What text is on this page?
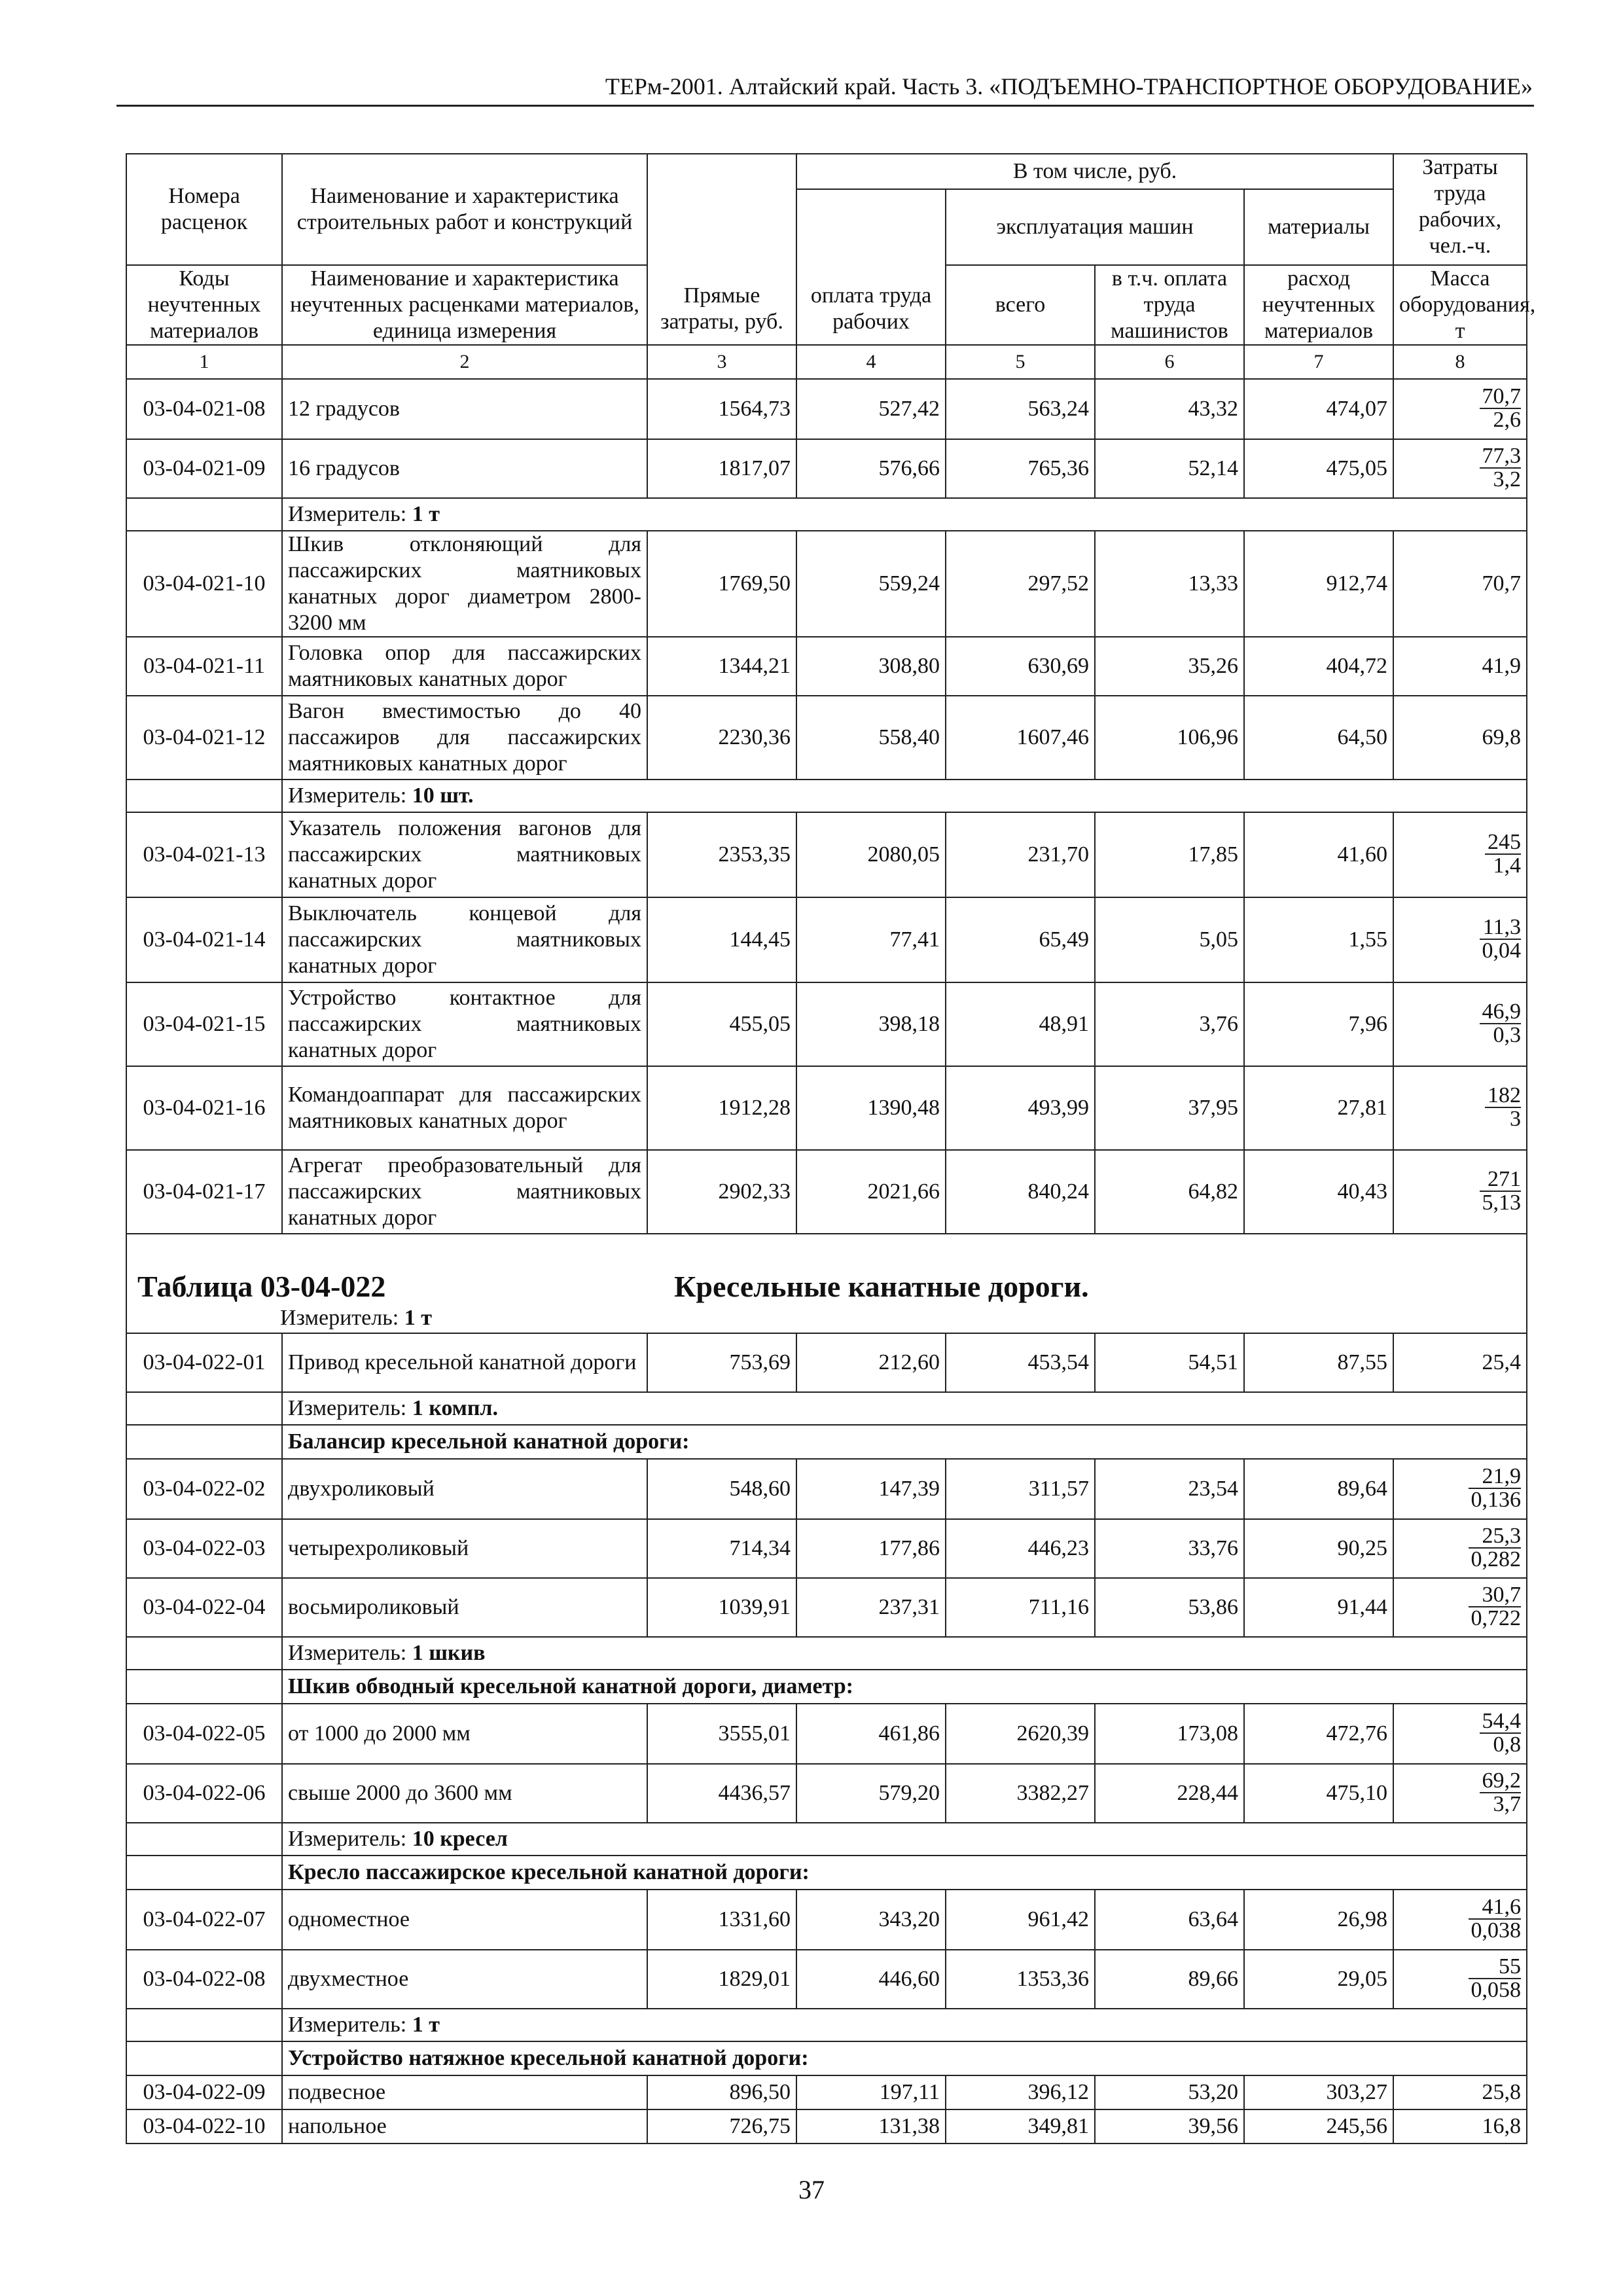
ТЕРм-2001. Алтайский край. Часть 3. «ПОДЪЕМНО-ТРАНСПОРТНОЕ ОБОРУДОВАНИЕ»
Номера расценок	Наименование и характеристика строительных работ и конструкций	Прямые затраты, руб.	В том числе, руб.				Затраты труда рабочих, чел.-ч.
			оплата труда рабочих	эксплуатация машин		материалы	
Коды неучтенных материалов	Наименование и характеристика неучтенных расценками материалов, единица измерения			всего	в т.ч. оплата труда машинистов	расход неучтенных материалов	Масса оборудования, т
1	2	3	4	5	6	7	8
03-04-021-08	12 градусов	1564,73	527,42	563,24	43,32	474,07	$\frac{70,7}{2,6}$

03-04-021-09	16 градусов	1817,07	576,66	765,36	52,14	475,05	$\frac{77,3}{3,2}$

	Измеритель: 1 т						
03-04-021-10	Шкив отклоняющий для пассажирских маятниковых канатных дорог диаметром 2800-3200 мм	1769,50	559,24	297,52	13,33	912,74	70,7
03-04-021-11	Головка опор для пассажирских маятниковых канатных дорог	1344,21	308,80	630,69	35,26	404,72	41,9
03-04-021-12	Вагон вместимостью до 40 пассажиров для пассажирских маятниковых канатных дорог	2230,36	558,40	1607,46	106,96	64,50	69,8
	Измеритель: 10 шт.						
03-04-021-13	Указатель положения вагонов для пассажирских маятниковых канатных дорог	2353,35	2080,05	231,70	17,85	41,60	$\frac{245}{1,4}$

03-04-021-14	Выключатель концевой для пассажирских маятниковых канатных дорог	144,45	77,41	65,49	5,05	1,55	$\frac{11,3}{0,04}$

03-04-021-15	Устройство контактное для пассажирских маятниковых канатных дорог	455,05	398,18	48,91	3,76	7,96	$\frac{46,9}{0,3}$

03-04-021-16	Командоаппарат для пассажирских маятниковых канатных дорог	1912,28	1390,48	493,99	37,95	27,81	$\frac{182}{3}$

03-04-021-17	Агрегат преобразовательный для пассажирских маятниковых канатных дорог	2902,33	2021,66	840,24	64,82	40,43	$\frac{271}{5,13}$

Таблица 03-04-022 Кресельные канатные дороги.
Измеритель: 1 т							

03-04-022-01	Привод кресельной канатной дороги	753,69	212,60	453,54	54,51	87,55	25,4
	Измеритель: 1 компл.						
	Балансир кресельной канатной дороги:						
03-04-022-02	двухроликовый	548,60	147,39	311,57	23,54	89,64	$\frac{21,9}{0,136}$

03-04-022-03	четырехроликовый	714,34	177,86	446,23	33,76	90,25	$\frac{25,3}{0,282}$

03-04-022-04	восьмироликовый	1039,91	237,31	711,16	53,86	91,44	$\frac{30,7}{0,722}$

	Измеритель: 1 шкив						
	Шкив обводный кресельной канатной дороги, диаметр:						
03-04-022-05	от 1000 до 2000 мм	3555,01	461,86	2620,39	173,08	472,76	$\frac{54,4}{0,8}$

03-04-022-06	свыше 2000 до 3600 мм	4436,57	579,20	3382,27	228,44	475,10	$\frac{69,2}{3,7}$

	Измеритель: 10 кресел						
	Кресло пассажирское кресельной канатной дороги:						
03-04-022-07	одноместное	1331,60	343,20	961,42	63,64	26,98	$\frac{41,6}{0,038}$

03-04-022-08	двухместное	1829,01	446,60	1353,36	89,66	29,05	$\frac{55}{0,058}$

	Измеритель: 1 т						
	Устройство натяжное кресельной канатной дороги:						
03-04-022-09	подвесное	896,50	197,11	396,12	53,20	303,27	25,8
03-04-022-10	напольное	726,75	131,38	349,81	39,56	245,56	16,8
37
